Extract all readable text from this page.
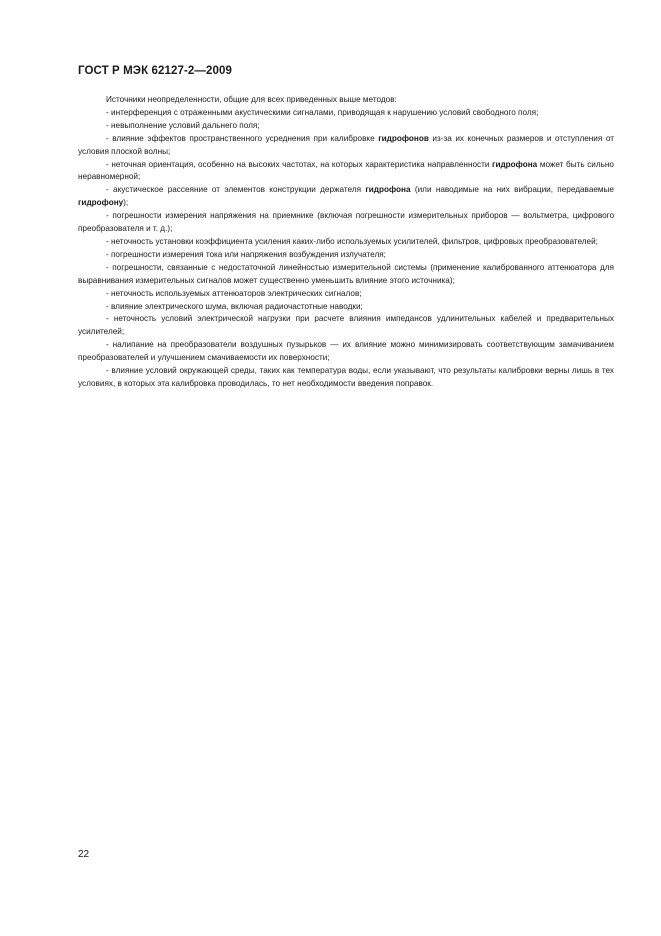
ГОСТ Р МЭК 62127-2—2009

Источники неопределенности, общие для всех приведенных выше методов:

- интерференция с отраженными акустическими сигналами, приводящая к нарушению условий свободного поля;

- невыполнение условий дальнего поля;

- влияние эффектов пространственного усреднения при калибровке гидрофонов из-за их конечных размеров и отступления от условия плоской волны;

- неточная ориентация, особенно на высоких частотах, на которых характеристика направленности гидрофона может быть сильно неравномерной;

- акустическое рассеяние от элементов конструкции держателя гидрофона (или наводимые на них вибрации, передаваемые гидрофону);

- погрешности измерения напряжения на приемнике (включая погрешности измерительных приборов — вольтметра, цифрового преобразователя и т. д.);

- неточность установки коэффициента усиления каких-либо используемых усилителей, фильтров, цифровых преобразователей;

- погрешности измерения тока или напряжения возбуждения излучателя;

- погрешности, связанные с недостаточной линейностью измерительной системы (применение калиброванного аттенюатора для выравнивания измерительных сигналов может существенно уменьшить влияние этого источника);

- неточность используемых аттенюаторов электрических сигналов;

- влияние электрического шума, включая радиочастотные наводки;

- неточность условий электрической нагрузки при расчете влияния импедансов удлинительных кабелей и предварительных усилителей;

- налипание на преобразователи воздушных пузырьков — их влияние можно минимизировать соответствующим замачиванием преобразователей и улучшением смачиваемости их поверхности;

- влияние условий окружающей среды, таких как температура воды, если указывают, что результаты калибровки верны лишь в тех условиях, в которых эта калибровка проводилась, то нет необходимости введения поправок.

22
